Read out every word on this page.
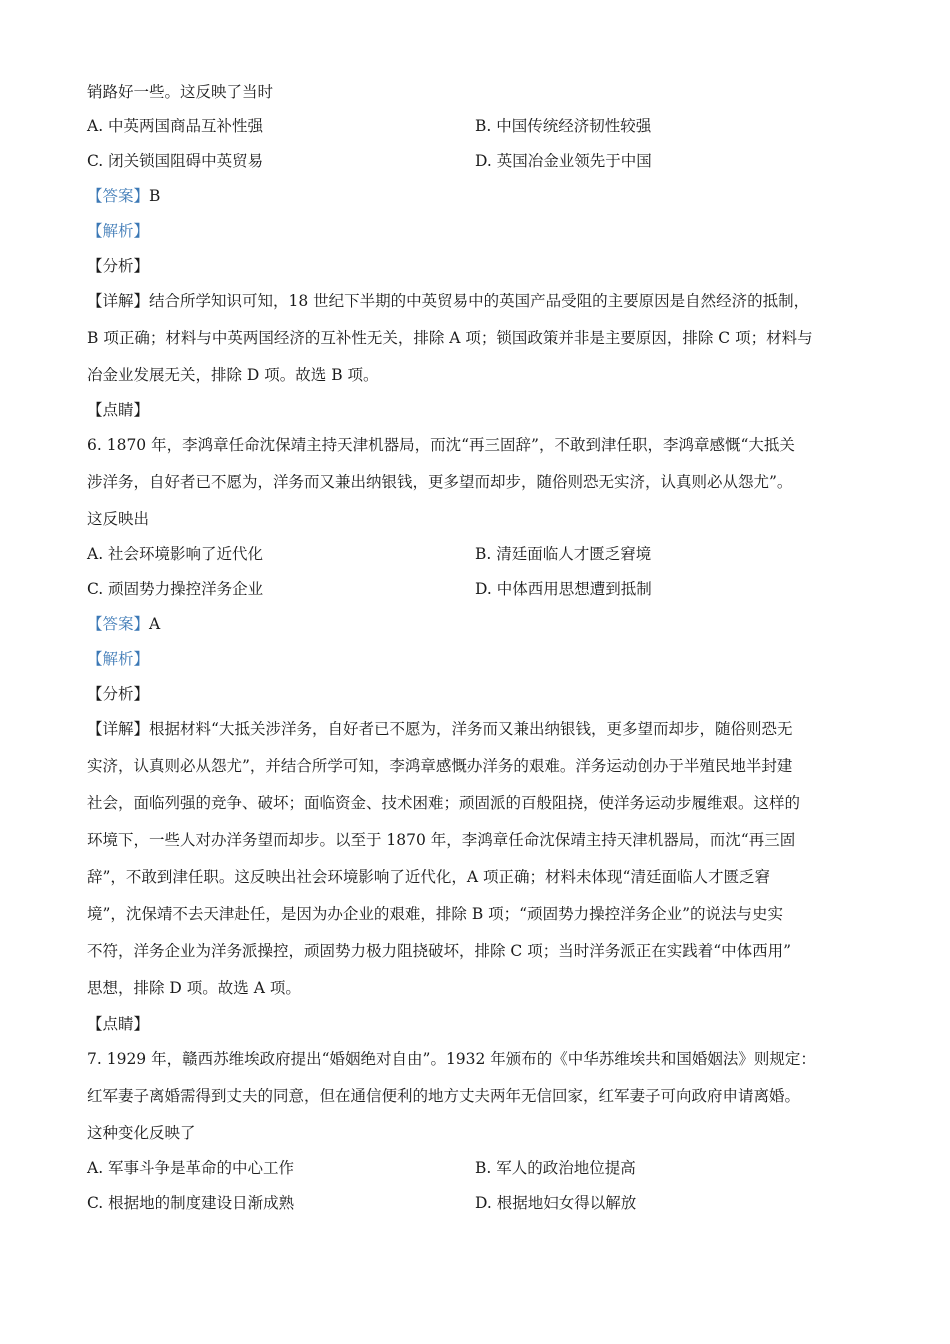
销路好一些。这反映了当时
A. 中英两国商品互补性强	B. 中国传统经济韧性较强
C. 闭关锁国阻碍中英贸易	D. 英国冶金业领先于中国
【答案】B
【解析】
【分析】
【详解】结合所学知识可知，18 世纪下半期的中英贸易中的英国产品受阻的主要原因是自然经济的抵制，
B 项正确；材料与中英两国经济的互补性无关，排除 A 项；锁国政策并非是主要原因，排除 C 项；材料与
冶金业发展无关，排除 D 项。故选 B 项。
【点睛】
6. 1870 年，李鸿章任命沈保靖主持天津机器局，而沈“再三固辞”，不敢到津任职，李鸿章感慨“大抵关
涉洋务，自好者已不愿为，洋务而又兼出纳银钱，更多望而却步，随俗则恐无实济，认真则必从怨尤”。
这反映出
A. 社会环境影响了近代化	B. 清廷面临人才匮乏窘境
C. 顽固势力操控洋务企业	D. 中体西用思想遭到抵制
【答案】A
【解析】
【分析】
【详解】根据材料“大抵关涉洋务，自好者已不愿为，洋务而又兼出纳银钱，更多望而却步，随俗则恐无
实济，认真则必从怨尤”，并结合所学可知，李鸿章感慨办洋务的艰难。洋务运动创办于半殖民地半封建
社会，面临列强的竞争、破坏；面临资金、技术困难；顽固派的百般阻挠，使洋务运动步履维艰。这样的
环境下，一些人对办洋务望而却步。以至于 1870 年，李鸿章任命沈保靖主持天津机器局，而沈“再三固
辞”，不敢到津任职。这反映出社会环境影响了近代化，A 项正确；材料未体现“清廷面临人才匮乏窘
境”，沈保靖不去天津赴任，是因为办企业的艰难，排除 B 项；“顽固势力操控洋务企业”的说法与史实
不符，洋务企业为洋务派操控，顽固势力极力阻挠破坏，排除 C 项；当时洋务派正在实践着“中体西用”
思想，排除 D 项。故选 A 项。
【点睛】
7. 1929 年，赣西苏维埃政府提出“婚姻绝对自由”。1932 年颁布的《中华苏维埃共和国婚姻法》则规定：
红军妻子离婚需得到丈夫的同意，但在通信便利的地方丈夫两年无信回家，红军妻子可向政府申请离婚。
这种变化反映了
A. 军事斗争是革命的中心工作	B. 军人的政治地位提高
C. 根据地的制度建设日渐成熟	D. 根据地妇女得以解放
